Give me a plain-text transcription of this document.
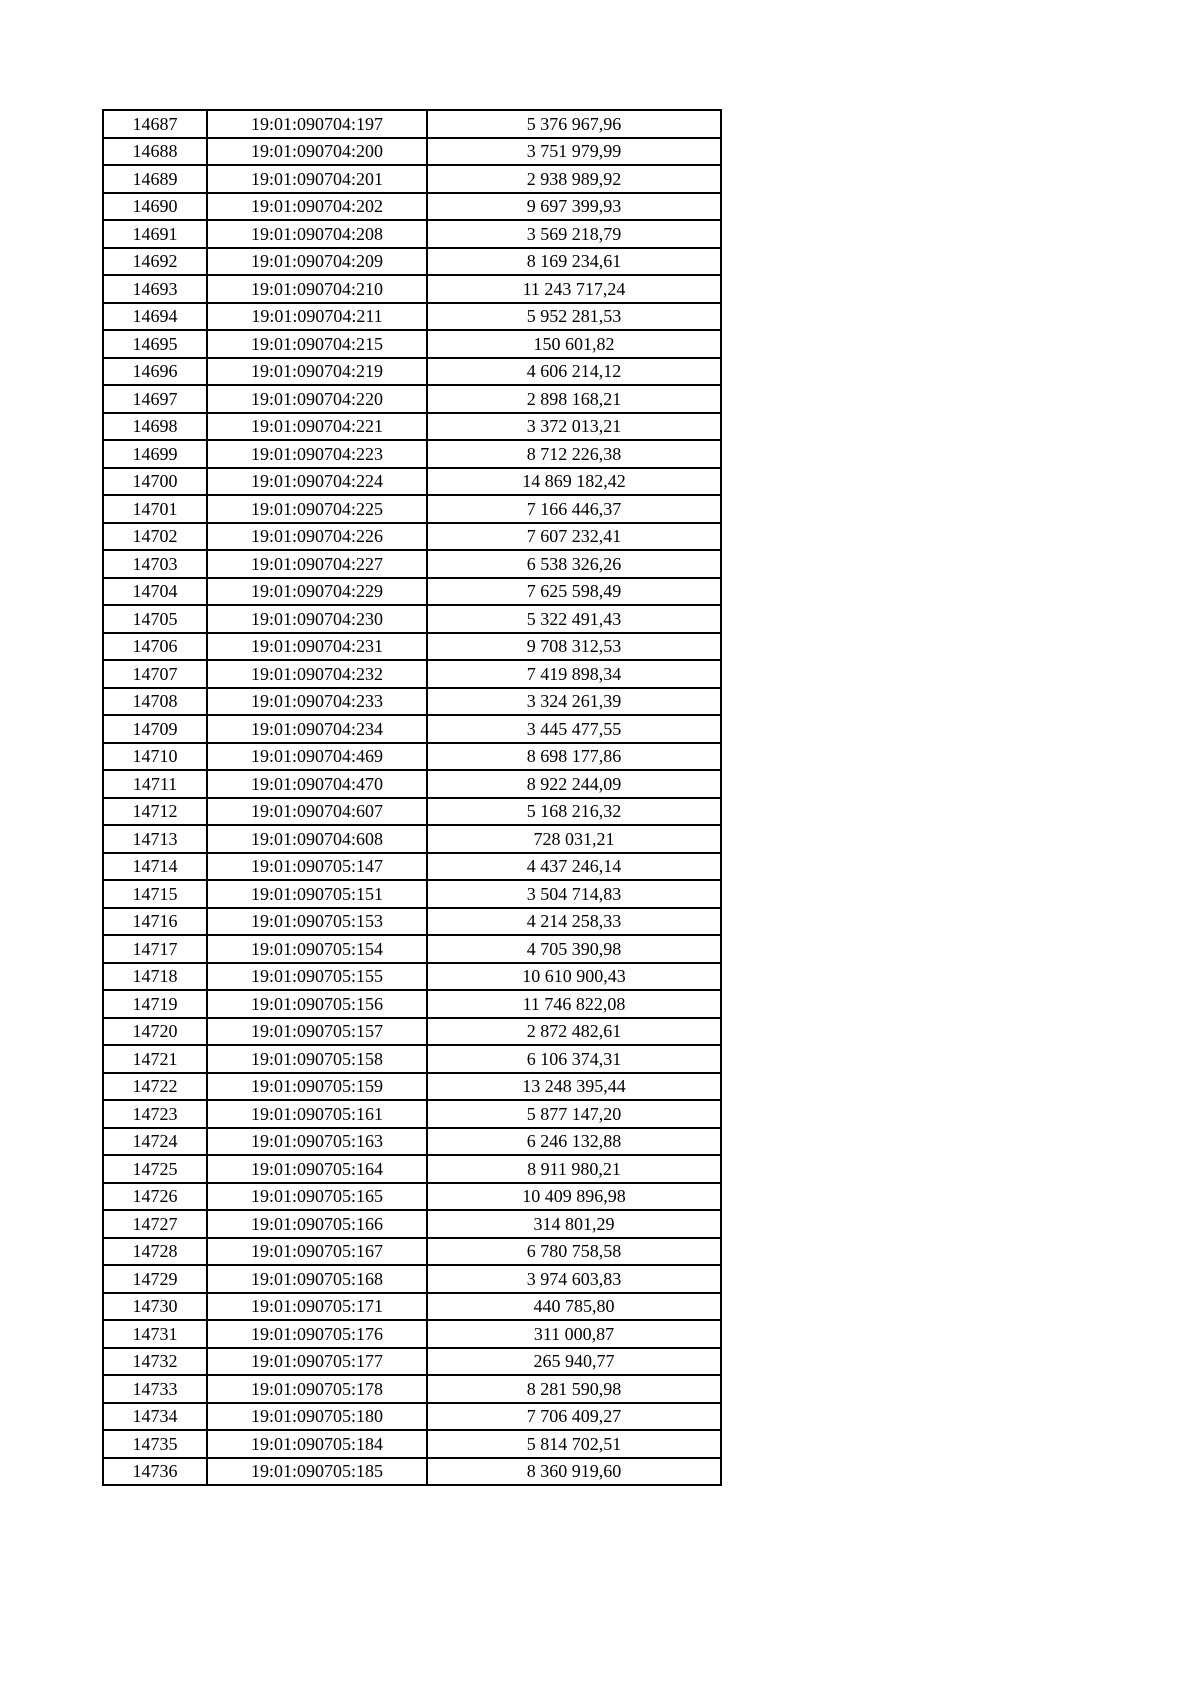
14687	19:01:090704:197	5 376 967,96
14688	19:01:090704:200	3 751 979,99
14689	19:01:090704:201	2 938 989,92
14690	19:01:090704:202	9 697 399,93
14691	19:01:090704:208	3 569 218,79
14692	19:01:090704:209	8 169 234,61
14693	19:01:090704:210	11 243 717,24
14694	19:01:090704:211	5 952 281,53
14695	19:01:090704:215	150 601,82
14696	19:01:090704:219	4 606 214,12
14697	19:01:090704:220	2 898 168,21
14698	19:01:090704:221	3 372 013,21
14699	19:01:090704:223	8 712 226,38
14700	19:01:090704:224	14 869 182,42
14701	19:01:090704:225	7 166 446,37
14702	19:01:090704:226	7 607 232,41
14703	19:01:090704:227	6 538 326,26
14704	19:01:090704:229	7 625 598,49
14705	19:01:090704:230	5 322 491,43
14706	19:01:090704:231	9 708 312,53
14707	19:01:090704:232	7 419 898,34
14708	19:01:090704:233	3 324 261,39
14709	19:01:090704:234	3 445 477,55
14710	19:01:090704:469	8 698 177,86
14711	19:01:090704:470	8 922 244,09
14712	19:01:090704:607	5 168 216,32
14713	19:01:090704:608	728 031,21
14714	19:01:090705:147	4 437 246,14
14715	19:01:090705:151	3 504 714,83
14716	19:01:090705:153	4 214 258,33
14717	19:01:090705:154	4 705 390,98
14718	19:01:090705:155	10 610 900,43
14719	19:01:090705:156	11 746 822,08
14720	19:01:090705:157	2 872 482,61
14721	19:01:090705:158	6 106 374,31
14722	19:01:090705:159	13 248 395,44
14723	19:01:090705:161	5 877 147,20
14724	19:01:090705:163	6 246 132,88
14725	19:01:090705:164	8 911 980,21
14726	19:01:090705:165	10 409 896,98
14727	19:01:090705:166	314 801,29
14728	19:01:090705:167	6 780 758,58
14729	19:01:090705:168	3 974 603,83
14730	19:01:090705:171	440 785,80
14731	19:01:090705:176	311 000,87
14732	19:01:090705:177	265 940,77
14733	19:01:090705:178	8 281 590,98
14734	19:01:090705:180	7 706 409,27
14735	19:01:090705:184	5 814 702,51
14736	19:01:090705:185	8 360 919,60
